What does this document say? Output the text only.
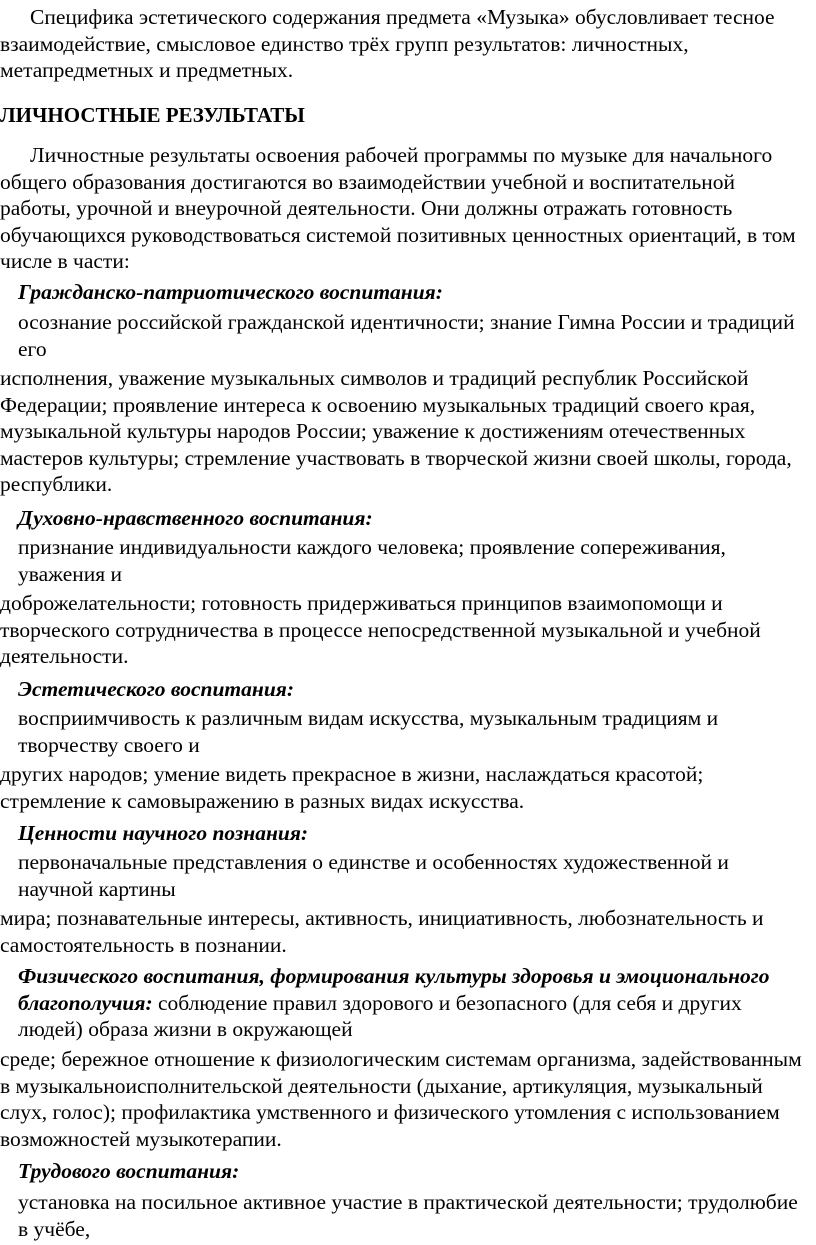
Специфика эстетического содержания предмета «Музыка» обусловливает тесное

взаимодействие, смысловое единство трёх групп результатов: личностных,

метапредметных и предметных.

ЛИЧНОСТНЫЕ РЕЗУЛЬТАТЫ

Личностные результаты освоения рабочей программы по музыке для начального

общего образования достигаются во взаимодействии учебной и воспитательной

работы, урочной и внеурочной деятельности. Они должны отражать готовность

обучающихся руководствоваться системой позитивных ценностных ориентаций, в том

числе в части:

Гражданско-патриотического воспитания:

осознание российской гражданской идентичности; знание Гимна России и традиций

его

исполнения, уважение музыкальных символов и традиций республик Российской

Федерации; проявление интереса к освоению музыкальных традиций своего края,

музыкальной культуры народов России; уважение к достижениям отечественных

мастеров культуры; стремление участвовать в творческой жизни своей школы, города,

республики.

Духовно-нравственного воспитания:

признание индивидуальности каждого человека; проявление сопереживания,

уважения и

доброжелательности; готовность придерживаться принципов взаимопомощи и

творческого сотрудничества в процессе непосредственной музыкальной и учебной

деятельности.

Эстетического воспитания:

восприимчивость к различным видам искусства, музыкальным традициям и

творчеству своего и

других народов; умение видеть прекрасное в жизни, наслаждаться красотой;

стремление к самовыражению в разных видах искусства.

Ценности научного познания:

первоначальные представления о единстве и особенностях художественной и

научной картины

мира; познавательные интересы, активность, инициативность, любознательность и

самостоятельность в познании.

Физического воспитания, формирования культуры здоровья и эмоционального

благополучия: соблюдение правил здорового и безопасного (для себя и других

людей) образа жизни в окружающей

среде; бережное отношение к физиологическим системам организма, задействованным

в музыкальноисполнительской деятельности (дыхание, артикуляция, музыкальный

слух, голос); профилактика умственного и физического утомления с использованием

возможностей музыкотерапии.

Трудового воспитания:

установка на посильное активное участие в практической деятельности; трудолюбие

в учёбе,
